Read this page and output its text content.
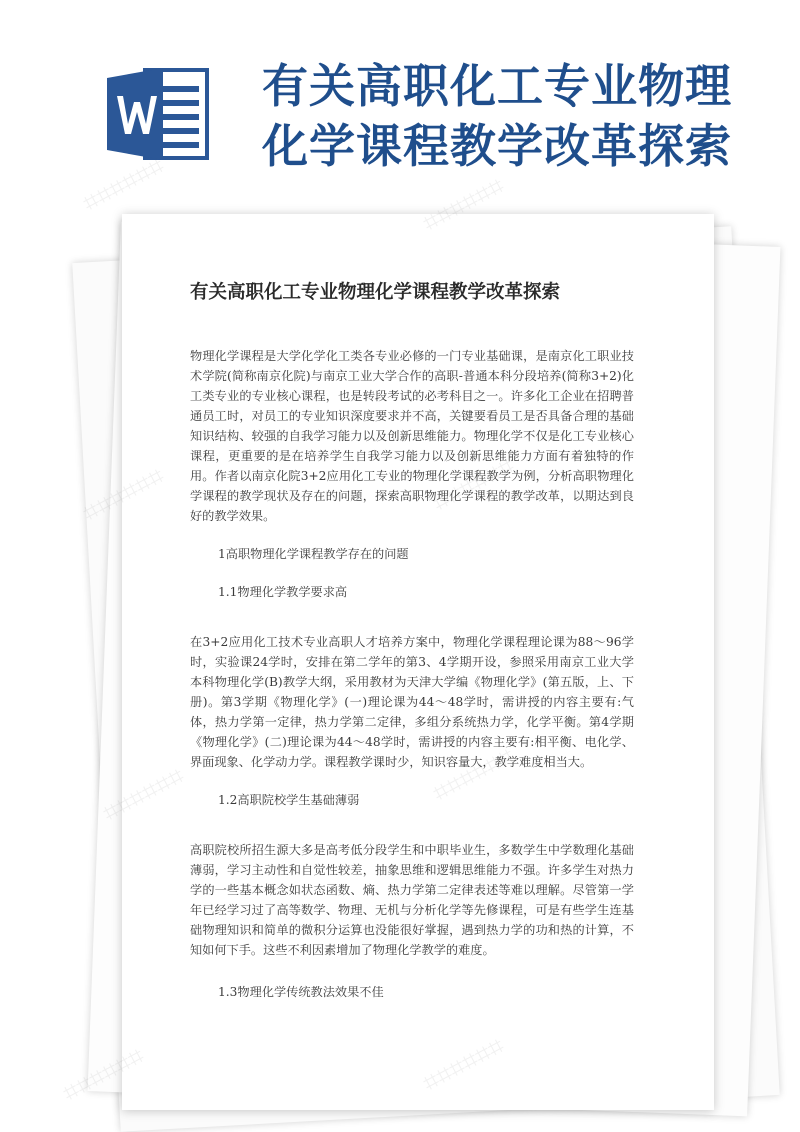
有关高职化工专业物理
化学课程教学改革探索
有关高职化工专业物理化学课程教学改革探索

物理化学课程是大学化学化工类各专业必修的一门专业基础课，是南京化工职业技术学院(简称南京化院)与南京工业大学合作的高职-普通本科分段培养(简称3+2)化工类专业的专业核心课程，也是转段考试的必考科目之一。许多化工企业在招聘普通员工时，对员工的专业知识深度要求并不高，关键要看员工是否具备合理的基础知识结构、较强的自我学习能力以及创新思维能力。物理化学不仅是化工专业核心课程，更重要的是在培养学生自我学习能力以及创新思维能力方面有着独特的作用。作者以南京化院3+2应用化工专业的物理化学课程教学为例，分析高职物理化学课程的教学现状及存在的问题，探索高职物理化学课程的教学改革，以期达到良好的教学效果。

1高职物理化学课程教学存在的问题

1.1物理化学教学要求高

在3+2应用化工技术专业高职人才培养方案中，物理化学课程理论课为88～96学时，实验课24学时，安排在第二学年的第3、4学期开设，参照采用南京工业大学本科物理化学(B)教学大纲，采用教材为天津大学编《物理化学》(第五版，上、下册)。第3学期《物理化学》(一)理论课为44～48学时，需讲授的内容主要有:气体，热力学第一定律，热力学第二定律，多组分系统热力学，化学平衡。第4学期《物理化学》(二)理论课为44～48学时，需讲授的内容主要有:相平衡、电化学、界面现象、化学动力学。课程教学课时少，知识容量大，教学难度相当大。

1.2高职院校学生基础薄弱

高职院校所招生源大多是高考低分段学生和中职毕业生，多数学生中学数理化基础薄弱，学习主动性和自觉性较差，抽象思维和逻辑思维能力不强。许多学生对热力学的一些基本概念如状态函数、熵、热力学第二定律表述等难以理解。尽管第一学年已经学习过了高等数学、物理、无机与分析化学等先修课程，可是有些学生连基础物理知识和简单的微积分运算也没能很好掌握，遇到热力学的功和热的计算，不知如何下手。这些不利因素增加了物理化学教学的难度。

1.3物理化学传统教法效果不佳

⌗⌗⌗⌗⌗⌗	⌗⌗⌗⌗⌗⌗
